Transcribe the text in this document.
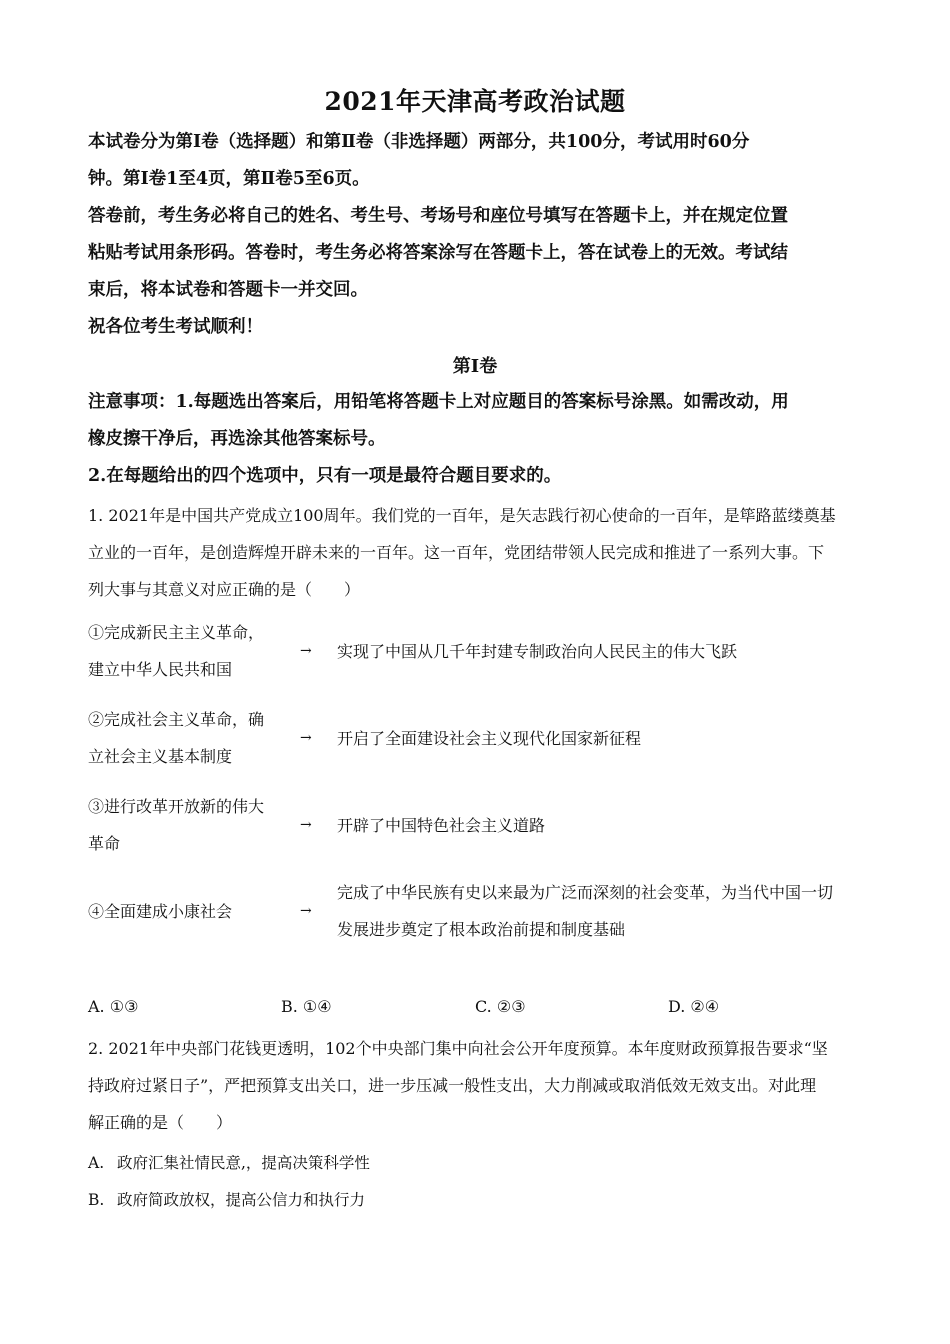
2021年天津高考政治试题

本试卷分为第Ⅰ卷（选择题）和第Ⅱ卷（非选择题）两部分，共100分，考试用时60分

钟。第Ⅰ卷1至4页，第Ⅱ卷5至6页。

答卷前，考生务必将自己的姓名、考生号、考场号和座位号填写在答题卡上，并在规定位置

粘贴考试用条形码。答卷时，考生务必将答案涂写在答题卡上，答在试卷上的无效。考试结

束后，将本试卷和答题卡一并交回。

祝各位考生考试顺利！

第Ⅰ卷

注意事项：1.每题选出答案后，用铅笔将答题卡上对应题目的答案标号涂黑。如需改动，用

橡皮擦干净后，再选涂其他答案标号。

2.在每题给出的四个选项中，只有一项是最符合题目要求的。

1. 2021年是中国共产党成立100周年。我们党的一百年，是矢志践行初心使命的一百年，是筚路蓝缕奠基

立业的一百年，是创造辉煌开辟未来的一百年。这一百年，党团结带领人民完成和推进了一系列大事。下

列大事与其意义对应正确的是（　　）

①完成新民主主义革命，
建立中华人民共和国
→ 实现了中国从几千年封建专制政治向人民民主的伟大飞跃
②完成社会主义革命，确
立社会主义基本制度
→ 开启了全面建设社会主义现代化国家新征程
③进行改革开放新的伟大
革命
→ 开辟了中国特色社会主义道路
④全面建成小康社会	→
完成了中华民族有史以来最为广泛而深刻的社会变革，为当代中国一切
发展进步奠定了根本政治前提和制度基础
A. ①③	B. ①④	C. ②③	D. ②④

2. 2021年中央部门花钱更透明，102个中央部门集中向社会公开年度预算。本年度财政预算报告要求“坚

持政府过紧日子”，严把预算支出关口，进一步压减一般性支出，大力削减或取消低效无效支出。对此理

解正确的是（　　）

A. 政府汇集社情民意,，提高决策科学性
B. 政府简政放权，提高公信力和执行力
